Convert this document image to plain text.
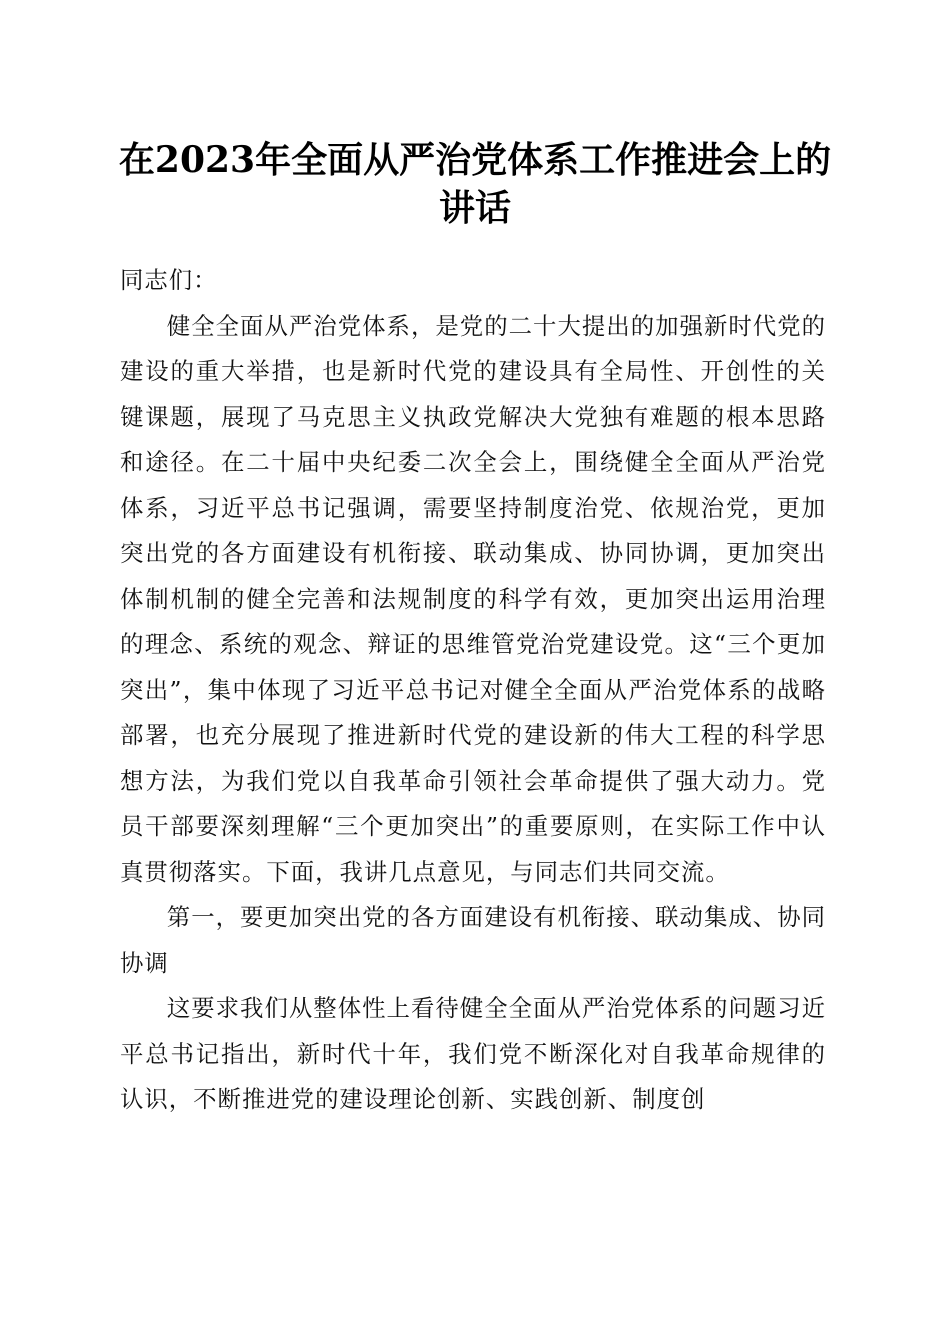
在2023年全面从严治党体系工作推进会上的讲话

同志们：

健全全面从严治党体系，是党的二十大提出的加强新时代党的建设的重大举措，也是新时代党的建设具有全局性、开创性的关键课题，展现了马克思主义执政党解决大党独有难题的根本思路和途径。在二十届中央纪委二次全会上，围绕健全全面从严治党体系，习近平总书记强调，需要坚持制度治党、依规治党，更加突出党的各方面建设有机衔接、联动集成、协同协调，更加突出体制机制的健全完善和法规制度的科学有效，更加突出运用治理的理念、系统的观念、辩证的思维管党治党建设党。这“三个更加突出”，集中体现了习近平总书记对健全全面从严治党体系的战略部署，也充分展现了推进新时代党的建设新的伟大工程的科学思想方法，为我们党以自我革命引领社会革命提供了强大动力。党员干部要深刻理解“三个更加突出”的重要原则，在实际工作中认真贯彻落实。下面，我讲几点意见，与同志们共同交流。

第一，要更加突出党的各方面建设有机衔接、联动集成、协同协调

这要求我们从整体性上看待健全全面从严治党体系的问题习近平总书记指出，新时代十年，我们党不断深化对自我革命规律的认识，不断推进党的建设理论创新、实践创新、制度创
